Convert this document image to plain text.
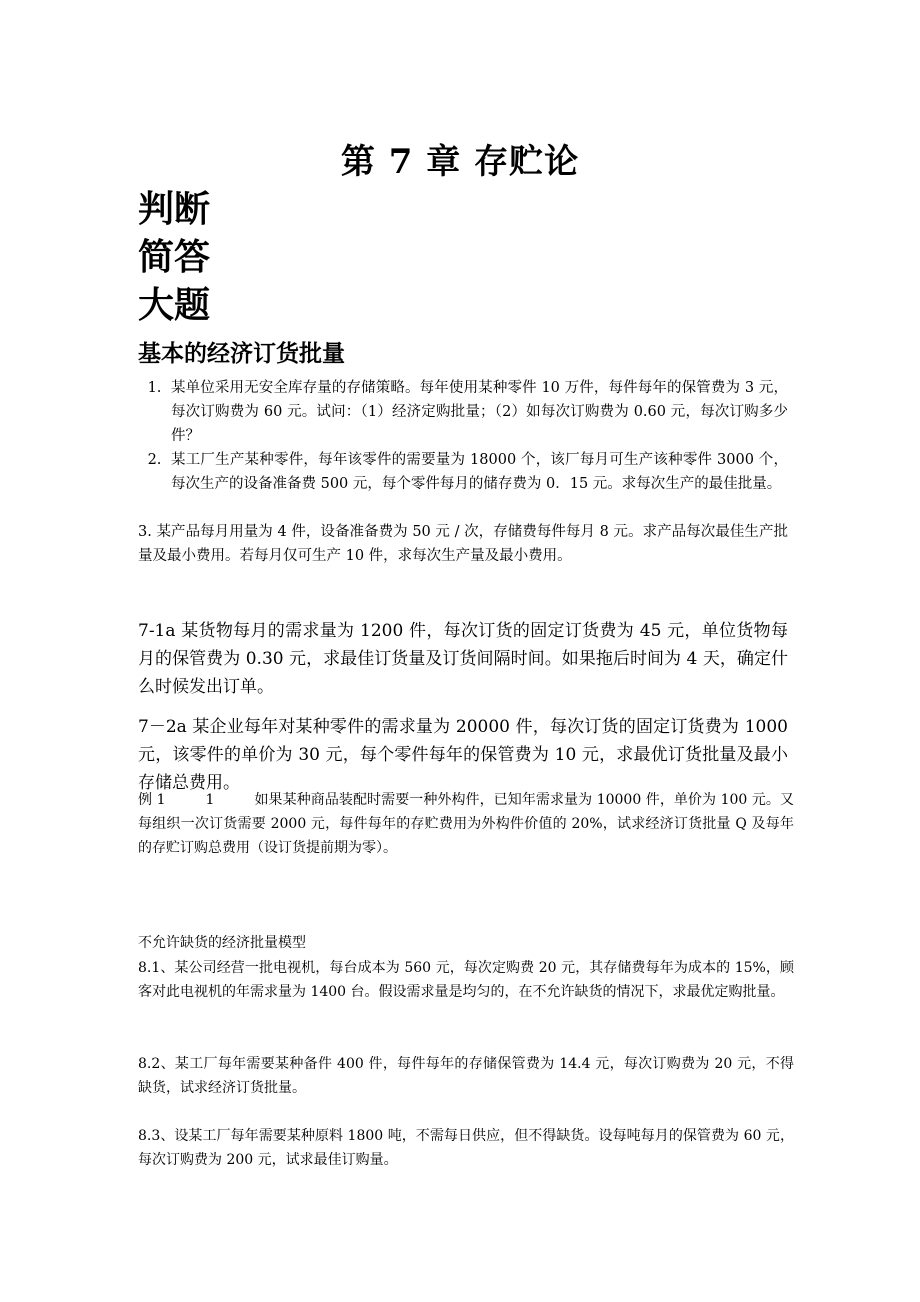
第 7 章 存贮论
判断
简答
大题
基本的经济订货批量
1. 某单位采用无安全库存量的存储策略。每年使用某种零件 10 万件，每件每年的保管费为 3 元，每次订购费为 60 元。试问：（1）经济定购批量；（2）如每次订购费为 0.60 元，每次订购多少件？
2. 某工厂生产某种零件，每年该零件的需要量为 18000 个，该厂每月可生产该种零件 3000 个，每次生产的设备准备费 500 元，每个零件每月的储存费为 0．15 元。求每次生产的最佳批量。
3. 某产品每月用量为 4 件，设备准备费为 50 元 / 次，存储费每件每月 8 元。求产品每次最佳生产批量及最小费用。若每月仅可生产 10 件，求每次生产量及最小费用。
7-1a 某货物每月的需求量为 1200 件，每次订货的固定订货费为 45 元，单位货物每月的保管费为 0.30 元，求最佳订货量及订货间隔时间。如果拖后时间为 4 天，确定什么时候发出订单。
7－2a 某企业每年对某种零件的需求量为 20000 件，每次订货的固定订货费为 1000 元，该零件的单价为 30 元，每个零件每年的保管费为 10 元，求最优订货批量及最小存储总费用。
例 1	1	如果某种商品装配时需要一种外构件，已知年需求量为 10000 件，单价为 100 元。又每组织一次订货需要 2000 元，每件每年的存贮费用为外构件价值的 20%，试求经济订货批量 Q 及每年的存贮订购总费用（设订货提前期为零）。
不允许缺货的经济批量模型
8.1、某公司经营一批电视机，每台成本为 560 元，每次定购费 20 元，其存储费每年为成本的 15%，顾客对此电视机的年需求量为 1400 台。假设需求量是均匀的，在不允许缺货的情况下，求最优定购批量。
8.2、某工厂每年需要某种备件 400 件，每件每年的存储保管费为 14.4 元，每次订购费为 20 元，不得缺货，试求经济订货批量。
8.3、设某工厂每年需要某种原料 1800 吨，不需每日供应，但不得缺货。设每吨每月的保管费为 60 元，每次订购费为 200 元，试求最佳订购量。
